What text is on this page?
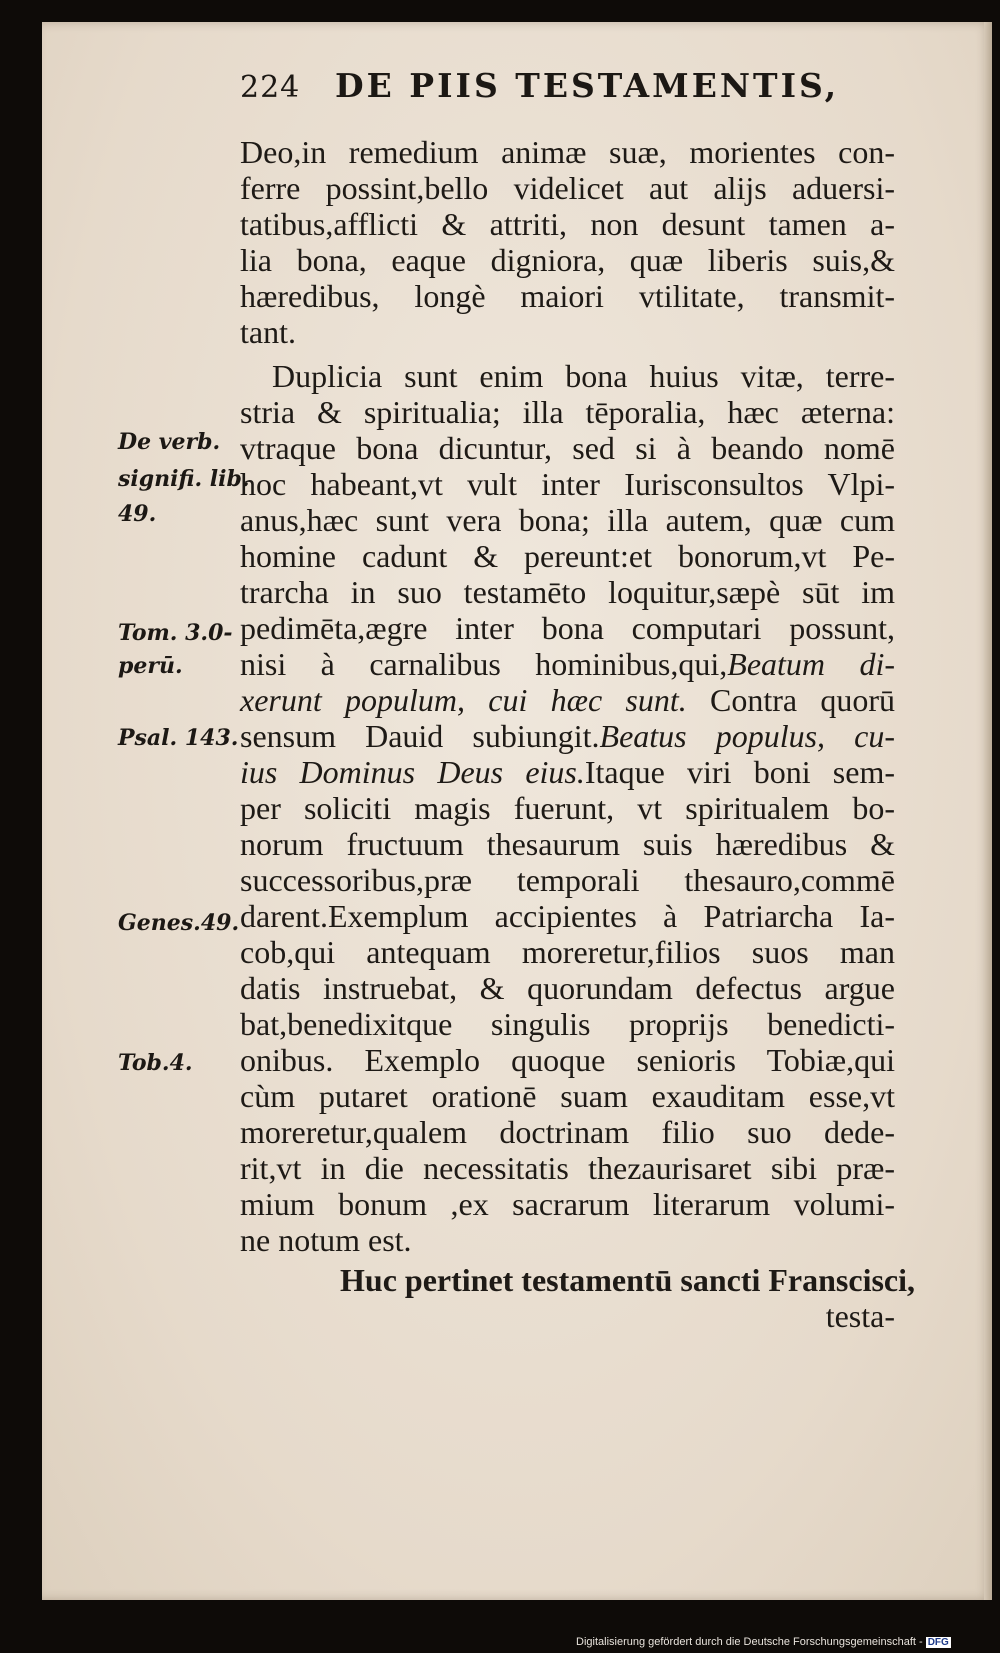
224 DE PIIS TESTAMENTIS,
De verb.
signifi. lib.
49.
Tom. 3.0-
perū.
Psal. 143.
Genes.49.
Tob.4.
Deo,in remedium animæ suæ, morientes con-
ferre possint,bello videlicet aut alijs aduersi-
tatibus,afflicti & attriti, non desunt tamen a-
lia bona, eaque digniora, quæ liberis suis,&
hæredibus, longè maiori vtilitate, transmit-
tant.
Duplicia sunt enim bona huius vitæ, terre-
stria & spiritualia; illa tēporalia, hæc æterna:
vtraque bona dicuntur, sed si à beando nomē
hoc habeant,vt vult inter Iurisconsultos Vlpi-
anus,hæc sunt vera bona; illa autem, quæ cum
homine cadunt & pereunt:et bonorum,vt Pe-
trarcha in suo testamēto loquitur,sæpè sūt im
pedimēta,ægre inter bona computari possunt,
nisi à carnalibus hominibus,qui,Beatum di-
xerunt populum, cui hæc sunt. Contra quorū
sensum Dauid subiungit.Beatus populus, cu-
ius Dominus Deus eius.Itaque viri boni sem-
per soliciti magis fuerunt, vt spiritualem bo-
norum fructuum thesaurum suis hæredibus &
successoribus,præ temporali thesauro,commē
darent.Exemplum accipientes à Patriarcha Ia-
cob,qui antequam moreretur,filios suos man
datis instruebat, & quorundam defectus argue
bat,benedixitque singulis proprijs benedicti-
onibus. Exemplo quoque senioris Tobiæ,qui
cùm putaret orationē suam exauditam esse,vt
moreretur,qualem doctrinam filio suo dede-
rit,vt in die necessitatis thezaurisaret sibi præ-
mium bonum ,ex sacrarum literarum volumi-
ne notum est.
Huc pertinet testamentū sancti Franscisci,
testa-
Digitalisierung gefördert durch die Deutsche Forschungsgemeinschaft - DFG
